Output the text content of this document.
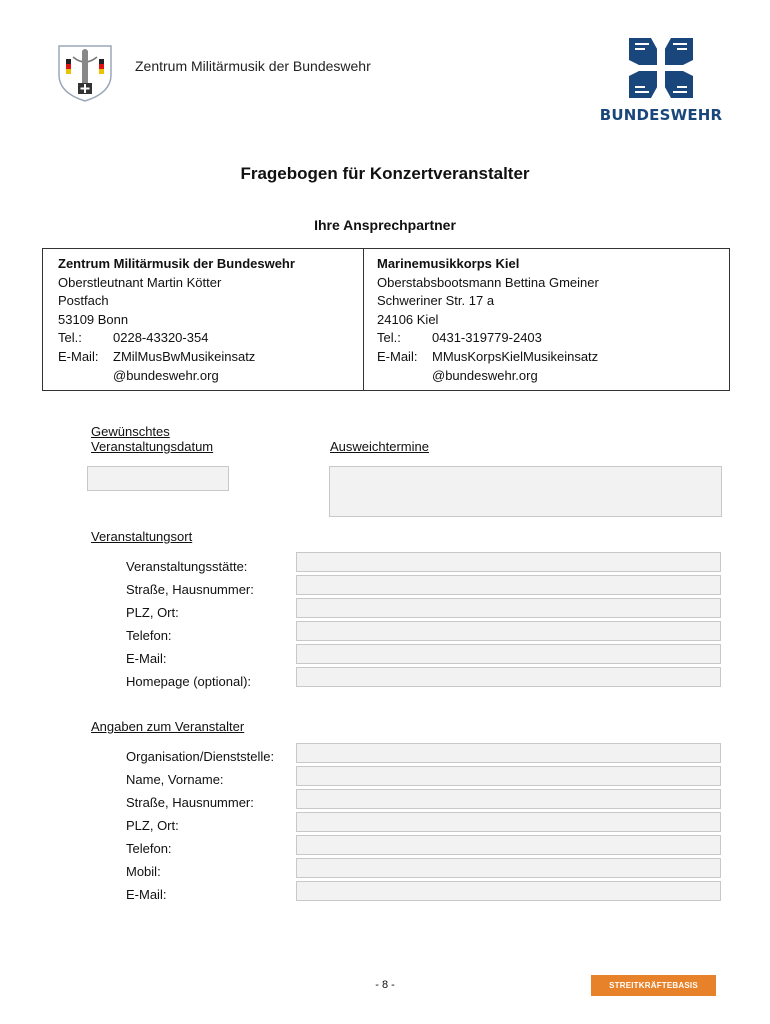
Zentrum Militärmusik der Bundeswehr
BUNDESWEHR
Fragebogen für Konzertveranstalter
Ihre Ansprechpartner
Zentrum Militärmusik der Bundeswehr
Oberstleutnant Martin Kötter
Postfach
53109 Bonn
Tel.: 0228-43320-354
E-Mail: ZMilMusBwMusikeinsatz
@bundeswehr.org
Marinemusikkorps Kiel
Oberstabsbootsmann Bettina Gmeiner
Schweriner Str. 17 a
24106 Kiel
Tel.: 0431-319779-2403
E-Mail: MMusKorpsKielMusikeinsatz
@bundeswehr.org
Gewünschtes
Veranstaltungsdatum	Ausweichtermine
Veranstaltungsort
Veranstaltungsstätte:
Straße, Hausnummer:
PLZ, Ort:
Telefon:
E-Mail:
Homepage (optional):
Angaben zum Veranstalter
Organisation/Dienststelle:
Name, Vorname:
Straße, Hausnummer:
PLZ, Ort:
Telefon:
Mobil:
E-Mail:
- 8 -	STREITKRÄFTEBASIS
